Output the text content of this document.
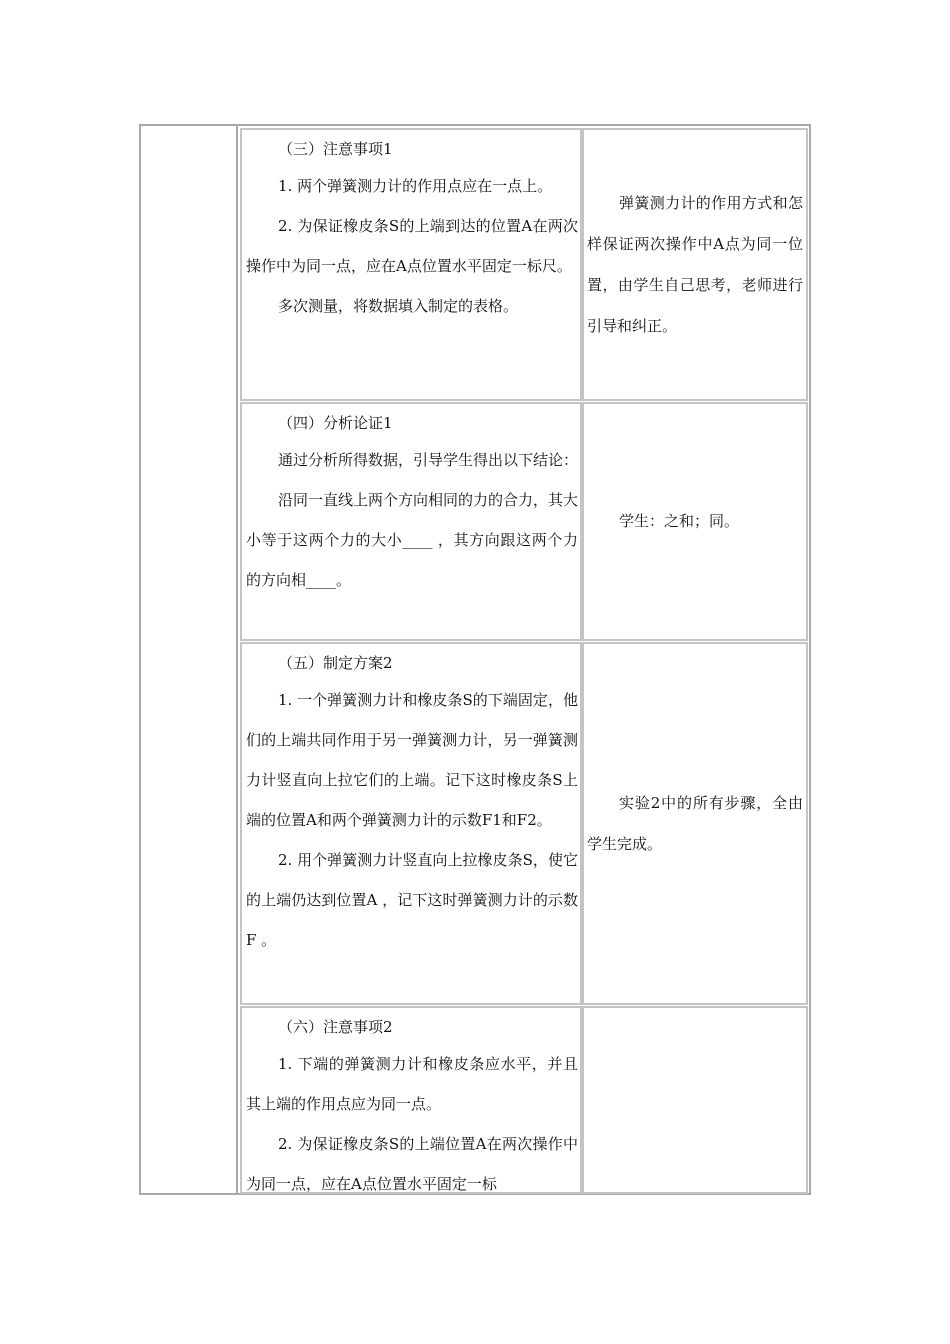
（三）注意事项1

1. 两个弹簧测力计的作用点应在一点上。

2. 为保证橡皮条S的上端到达的位置A在两次操作中为同一点，应在A点位置水平固定一标尺。

多次测量，将数据填入制定的表格。

弹簧测力计的作用方式和怎样保证两次操作中A点为同一位置，由学生自己思考，老师进行引导和纠正。

（四）分析论证1

通过分析所得数据，引导学生得出以下结论：

沿同一直线上两个方向相同的力的合力，其大小等于这两个力的大小____ ，其方向跟这两个力的方向相____。

学生：之和；同。

（五）制定方案2

1. 一个弹簧测力计和橡皮条S的下端固定，他们的上端共同作用于另一弹簧测力计，另一弹簧测力计竖直向上拉它们的上端。记下这时橡皮条S上端的位置A和两个弹簧测力计的示数F1和F2。

2. 用个弹簧测力计竖直向上拉橡皮条S，使它的上端仍达到位置A ，记下这时弹簧测力计的示数F 。

实验2中的所有步骤，全由学生完成。

（六）注意事项2

1. 下端的弹簧测力计和橡皮条应水平，并且其上端的作用点应为同一点。

2. 为保证橡皮条S的上端位置A在两次操作中为同一点，应在A点位置水平固定一标
